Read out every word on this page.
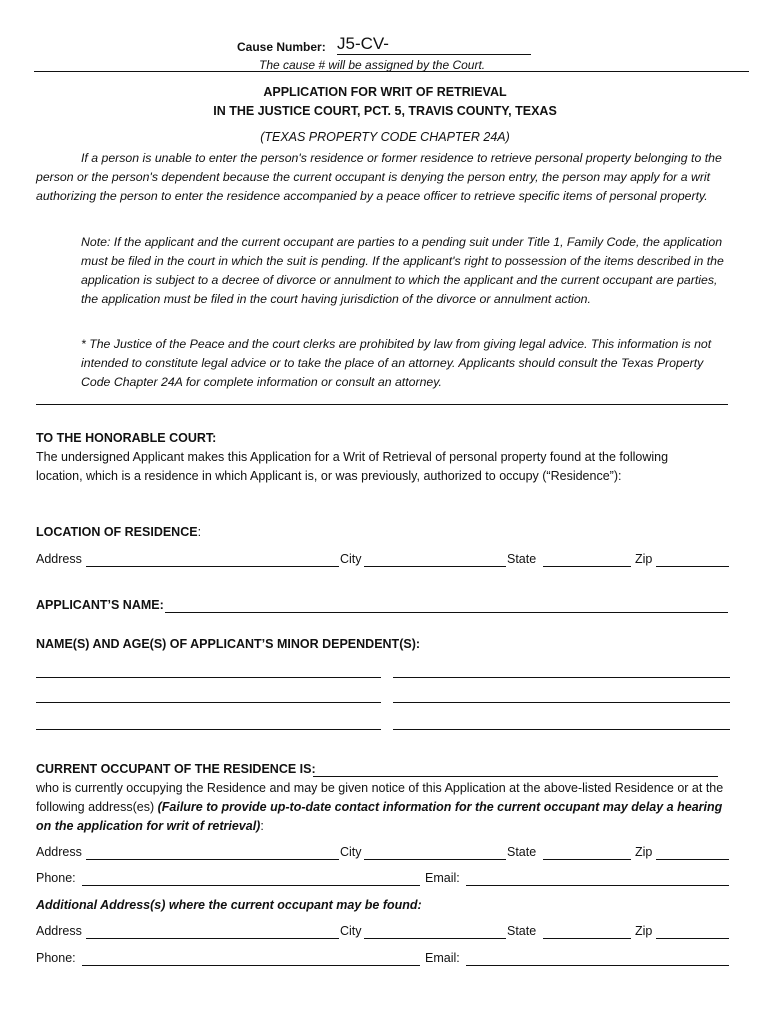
Cause Number: J5-CV-
The cause # will be assigned by the Court.
APPLICATION FOR WRIT OF RETRIEVAL
IN THE JUSTICE COURT, PCT. 5, TRAVIS COUNTY, TEXAS
(TEXAS PROPERTY CODE CHAPTER 24A)

If a person is unable to enter the person's residence or former residence to retrieve personal property belonging to the person or the person's dependent because the current occupant is denying the person entry, the person may apply for a writ authorizing the person to enter the residence accompanied by a peace officer to retrieve specific items of personal property.

Note: If the applicant and the current occupant are parties to a pending suit under Title 1, Family Code, the application must be filed in the court in which the suit is pending. If the applicant's right to possession of the items described in the application is subject to a decree of divorce or annulment to which the applicant and the current occupant are parties, the application must be filed in the court having jurisdiction of the divorce or annulment action.

* The Justice of the Peace and the court clerks are prohibited by law from giving legal advice. This information is not intended to constitute legal advice or to take the place of an attorney. Applicants should consult the Texas Property Code Chapter 24A for complete information or consult an attorney.

TO THE HONORABLE COURT:

The undersigned Applicant makes this Application for a Writ of Retrieval of personal property found at the following location, which is a residence in which Applicant is, or was previously, authorized to occupy (“Residence”):

LOCATION OF RESIDENCE:
Address	City	State	Zip
APPLICANT’S NAME:
NAME(S) AND AGE(S) OF APPLICANT’S MINOR DEPENDENT(S):
CURRENT OCCUPANT OF THE RESIDENCE IS:

who is currently occupying the Residence and may be given notice of this Application at the above-listed Residence or at the following address(es) (Failure to provide up-to-date contact information for the current occupant may delay a hearing on the application for writ of retrieval):

Address	City	State	Zip
Phone:	Email:
Additional Address(s) where the current occupant may be found:
Address	City	State	Zip
Phone:	Email:
